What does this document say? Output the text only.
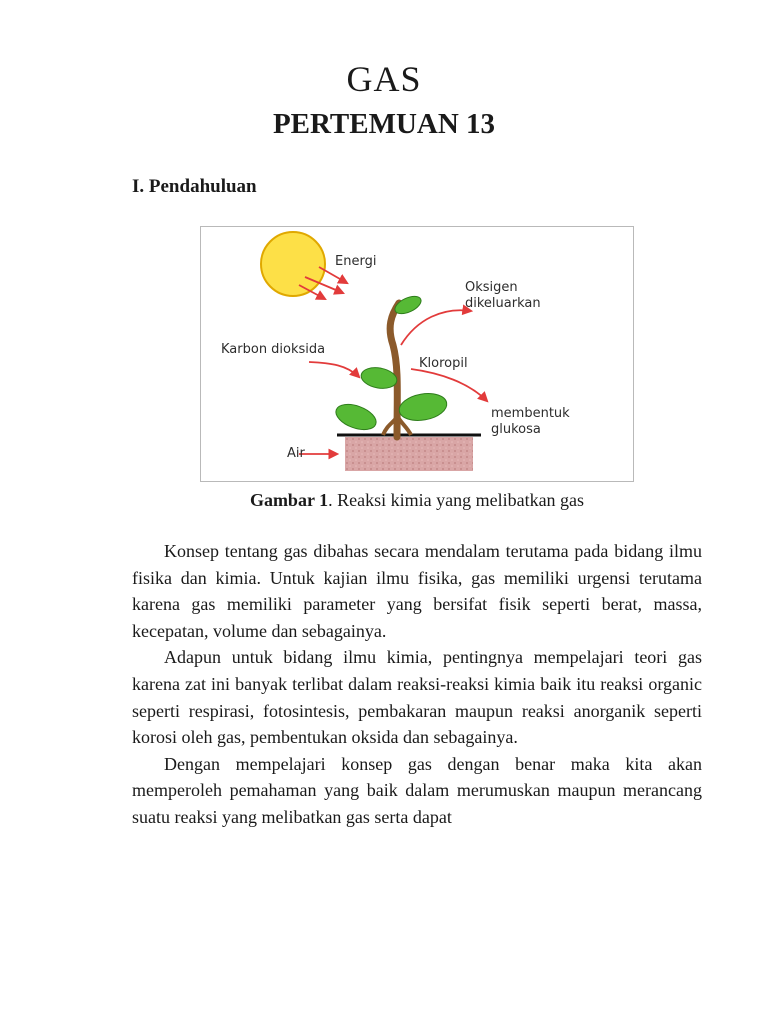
GAS
PERTEMUAN 13
I. Pendahuluan
Energi
Oksigen
dikeluarkan
Karbon dioksida
Kloropil
membentuk
glukosa
Air
Gambar 1. Reaksi kimia yang melibatkan gas

Konsep tentang gas dibahas secara mendalam terutama pada bidang ilmu fisika dan kimia. Untuk kajian ilmu fisika, gas memiliki urgensi terutama karena gas memiliki parameter yang bersifat fisik seperti berat, massa, kecepatan, volume dan sebagainya.

Adapun untuk bidang ilmu kimia, pentingnya mempelajari teori gas karena zat ini banyak terlibat dalam reaksi-reaksi kimia baik itu reaksi organic seperti respirasi, fotosintesis, pembakaran maupun reaksi anorganik seperti korosi oleh gas, pembentukan oksida dan sebagainya.

Dengan mempelajari konsep gas dengan benar maka kita akan memperoleh pemahaman yang baik dalam merumuskan maupun merancang suatu reaksi yang melibatkan gas serta dapat
